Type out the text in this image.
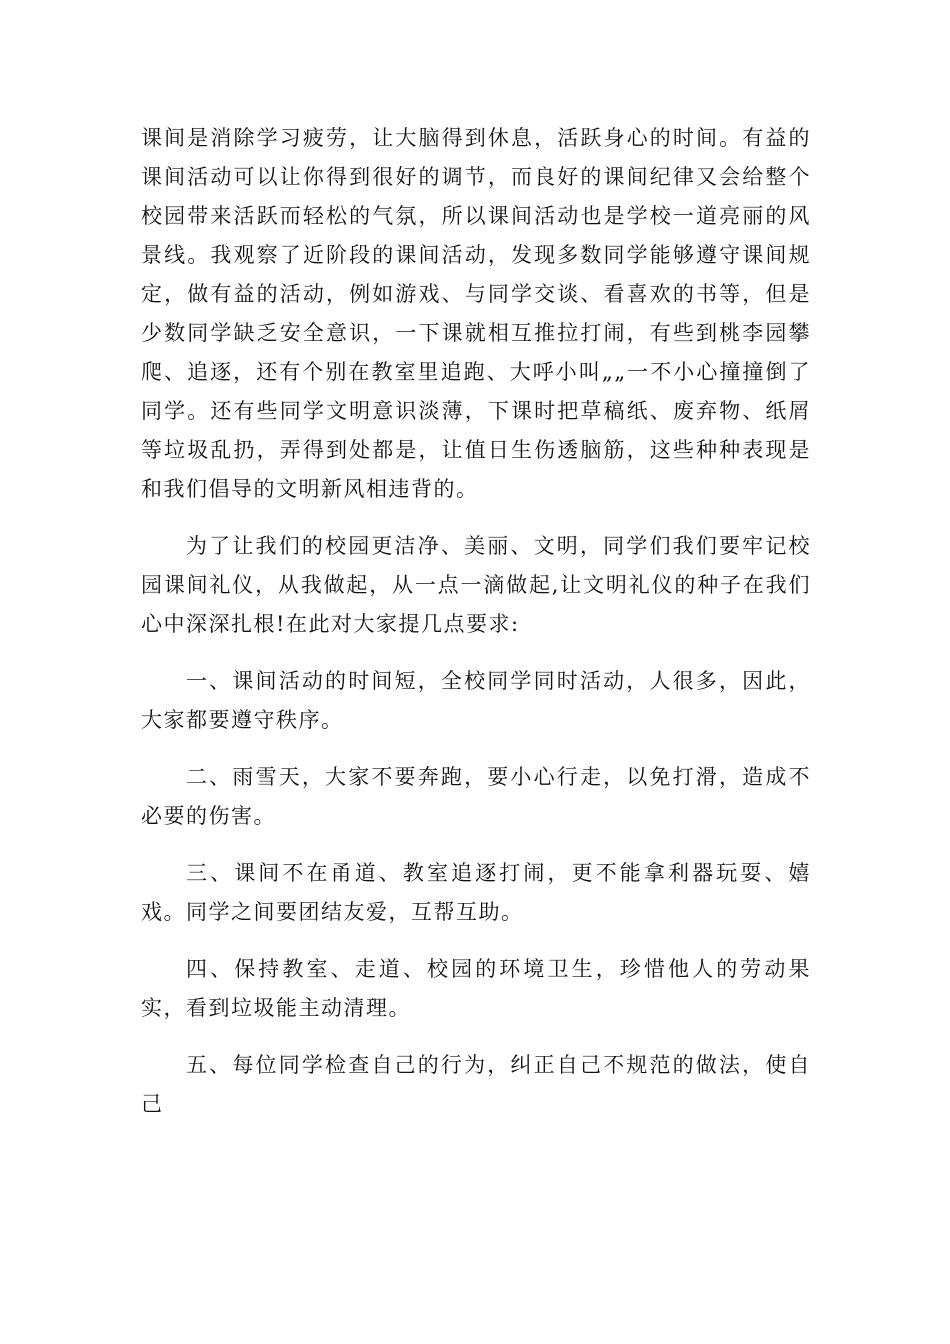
课间是消除学习疲劳，让大脑得到休息，活跃身心的时间。有益的课间活动可以让你得到很好的调节，而良好的课间纪律又会给整个校园带来活跃而轻松的气氛，所以课间活动也是学校一道亮丽的风景线。我观察了近阶段的课间活动，发现多数同学能够遵守课间规定，做有益的活动，例如游戏、与同学交谈、看喜欢的书等，但是少数同学缺乏安全意识，一下课就相互推拉打闹，有些到桃李园攀爬、追逐，还有个别在教室里追跑、大呼小叫„„一不小心撞撞倒了同学。还有些同学文明意识淡薄，下课时把草稿纸、废弃物、纸屑等垃圾乱扔，弄得到处都是，让值日生伤透脑筋，这些种种表现是和我们倡导的文明新风相违背的。

为了让我们的校园更洁净、美丽、文明，同学们我们要牢记校园课间礼仪，从我做起，从一点一滴做起,让文明礼仪的种子在我们心中深深扎根!在此对大家提几点要求:

一、课间活动的时间短，全校同学同时活动，人很多，因此，大家都要遵守秩序。

二、雨雪天，大家不要奔跑，要小心行走，以免打滑，造成不必要的伤害。

三、课间不在甬道、教室追逐打闹，更不能拿利器玩耍、嬉戏。同学之间要团结友爱，互帮互助。

四、保持教室、走道、校园的环境卫生，珍惜他人的劳动果实，看到垃圾能主动清理。

五、每位同学检查自己的行为，纠正自己不规范的做法，使自己
